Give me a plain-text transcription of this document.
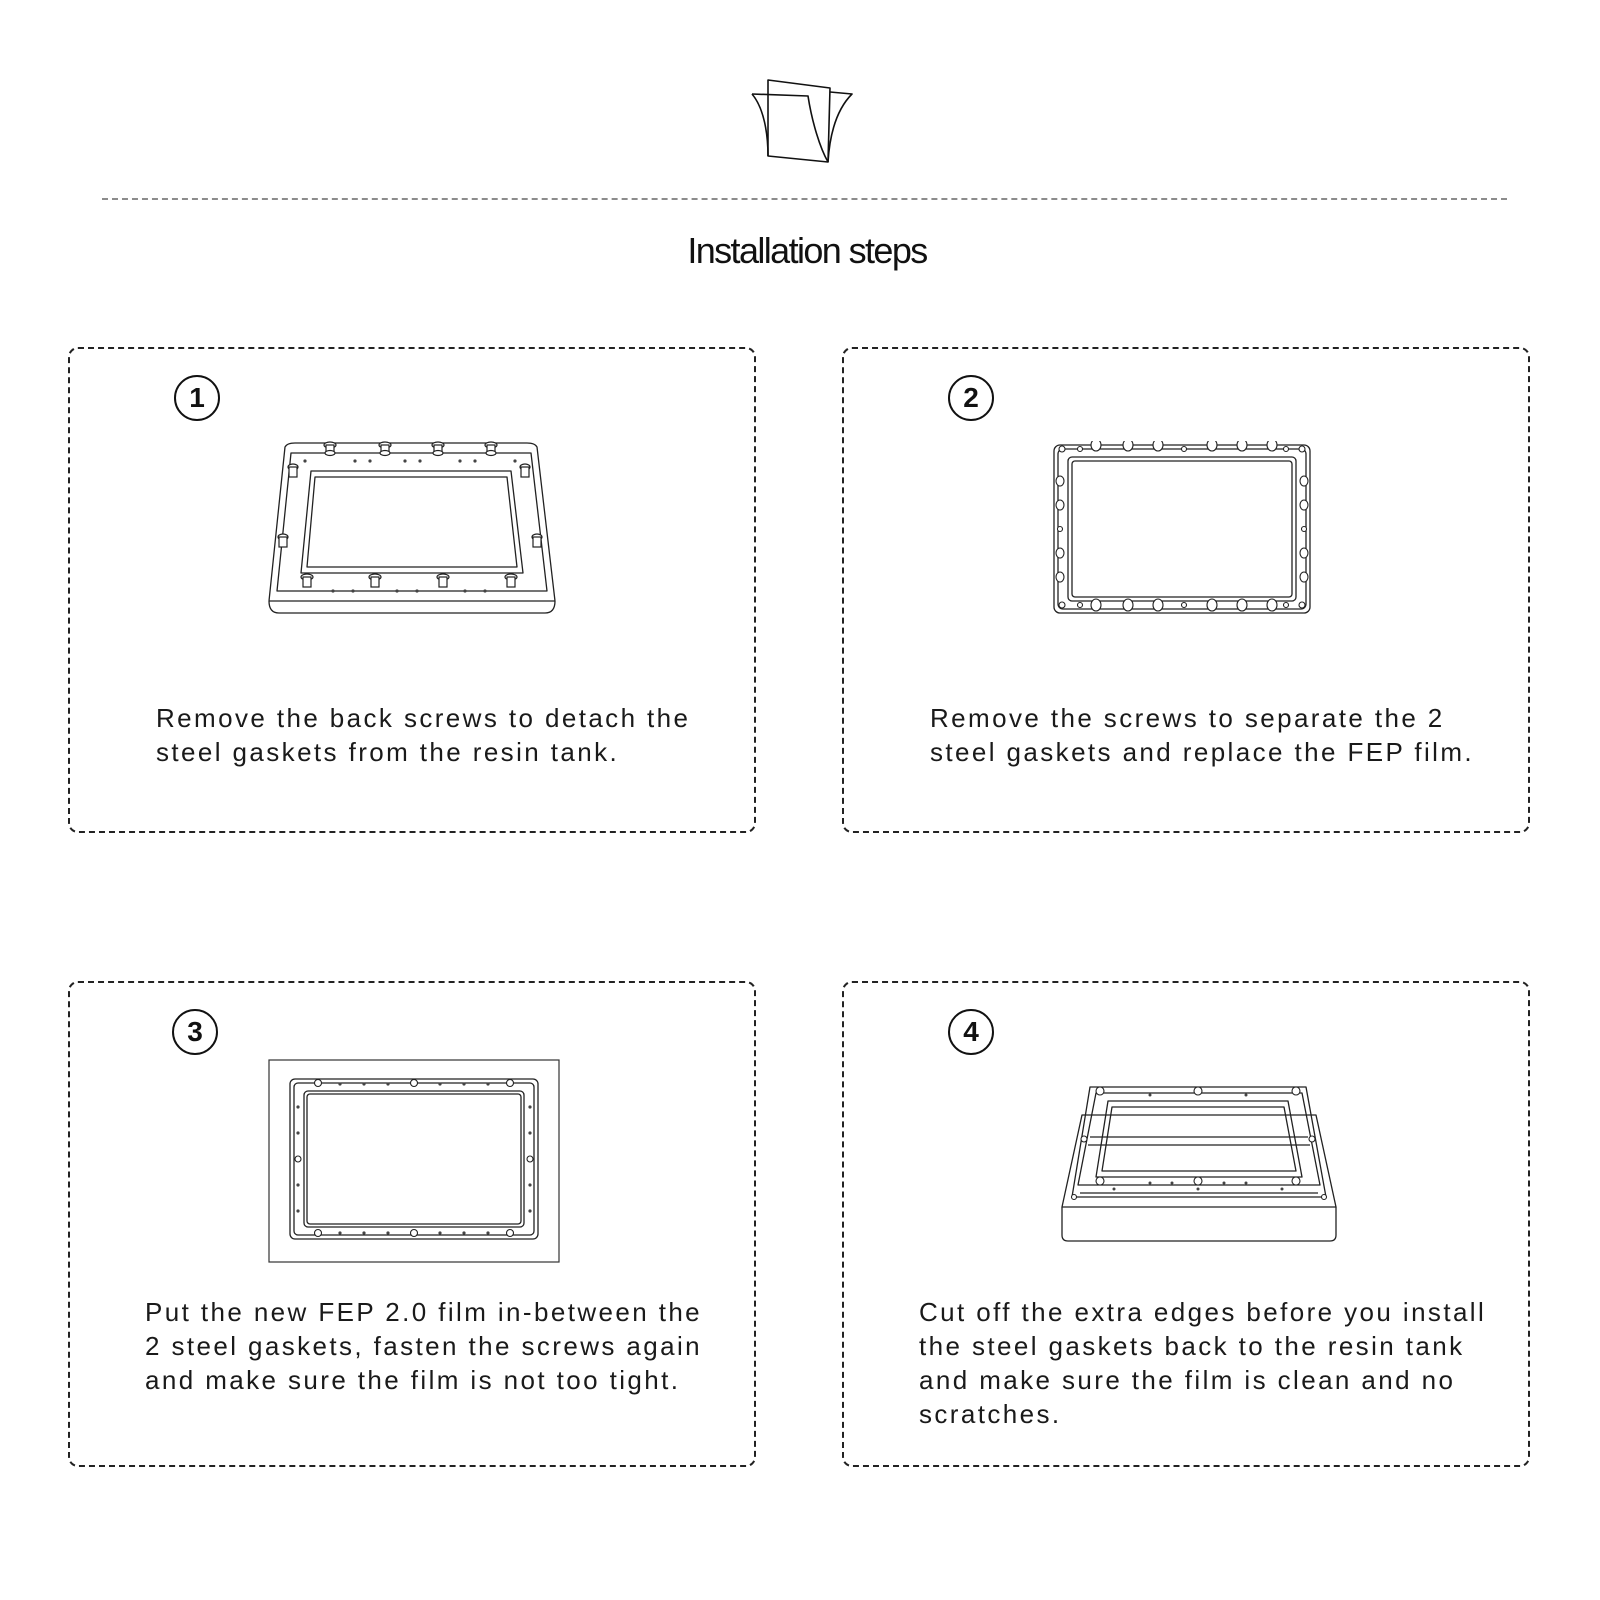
Installation steps
1

Remove the back screws to detach the steel gaskets from the resin tank.

2

Remove the screws to separate the 2 steel gaskets and replace the FEP film.

3

Put the new FEP 2.0 film in-between the 2 steel gaskets, fasten the screws again and make sure the film is not too tight.

4

Cut off the extra edges before you install the steel gaskets back to the resin tank and make sure the film is clean and no scratches.
